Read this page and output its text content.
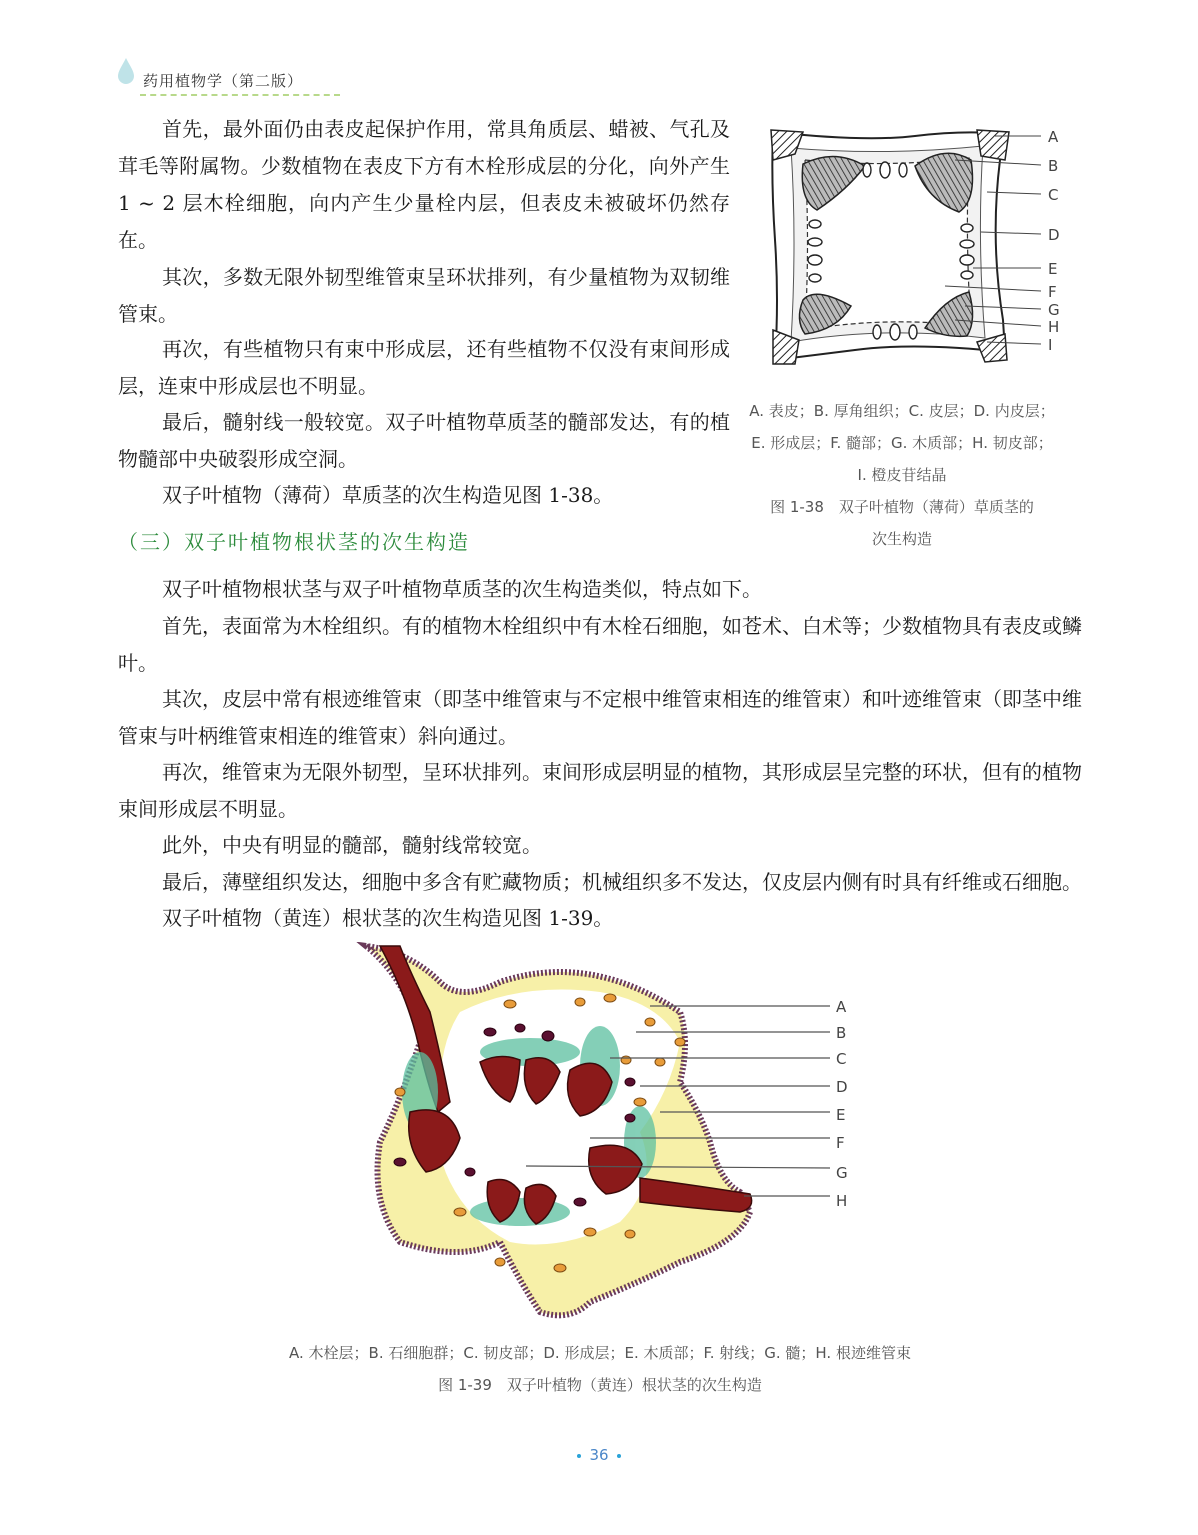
药用植物学（第二版）

首先，最外面仍由表皮起保护作用，常具角质层、蜡被、气孔及茸毛等附属物。少数植物在表皮下方有木栓形成层的分化，向外产生 1 ~ 2 层木栓细胞，向内产生少量栓内层，但表皮未被破坏仍然存在。

其次，多数无限外韧型维管束呈环状排列，有少量植物为双韧维管束。

再次，有些植物只有束中形成层，还有些植物不仅没有束间形成层，连束中形成层也不明显。

最后，髓射线一般较宽。双子叶植物草质茎的髓部发达，有的植物髓部中央破裂形成空洞。

双子叶植物（薄荷）草质茎的次生构造见图 1-38。

A
B
C
D
E
F
G
H
I
A. 表皮；B. 厚角组织；C. 皮层；D. 内皮层；
E. 形成层；F. 髓部；G. 木质部；H. 韧皮部；
I. 橙皮苷结晶
图 1-38　双子叶植物（薄荷）草质茎的
次生构造
（三）双子叶植物根状茎的次生构造

双子叶植物根状茎与双子叶植物草质茎的次生构造类似，特点如下。

首先，表面常为木栓组织。有的植物木栓组织中有木栓石细胞，如苍术、白术等；少数植物具有表皮或鳞叶。

其次，皮层中常有根迹维管束（即茎中维管束与不定根中维管束相连的维管束）和叶迹维管束（即茎中维管束与叶柄维管束相连的维管束）斜向通过。

再次，维管束为无限外韧型，呈环状排列。束间形成层明显的植物，其形成层呈完整的环状，但有的植物束间形成层不明显。

此外，中央有明显的髓部，髓射线常较宽。

最后，薄壁组织发达，细胞中多含有贮藏物质；机械组织多不发达，仅皮层内侧有时具有纤维或石细胞。

双子叶植物（黄连）根状茎的次生构造见图 1-39。

A
B
C
D
E
F
G
H
A. 木栓层；B. 石细胞群；C. 韧皮部；D. 形成层；E. 木质部；F. 射线；G. 髓；H. 根迹维管束
图 1-39　双子叶植物（黄连）根状茎的次生构造
36
